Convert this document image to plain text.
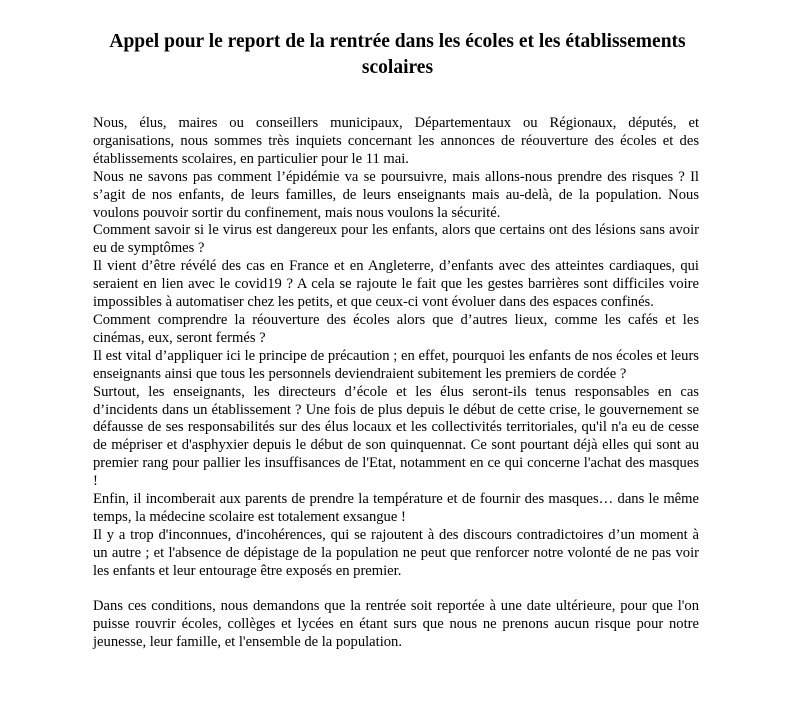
Appel pour le report de la rentrée dans les écoles et les établissements scolaires

Nous, élus, maires ou conseillers municipaux, Départementaux ou Régionaux, députés, et organisations, nous sommes très inquiets concernant les annonces de réouverture des écoles et des établissements scolaires, en particulier pour le 11 mai.

Nous ne savons pas comment l’épidémie va se poursuivre, mais allons-nous prendre des risques ? Il s’agit de nos enfants, de leurs familles, de leurs enseignants mais au-delà, de la population. Nous voulons pouvoir sortir du confinement, mais nous voulons la sécurité.

Comment savoir si le virus est dangereux pour les enfants, alors que certains ont des lésions sans avoir eu de symptômes ?

Il vient d’être révélé des cas en France et en Angleterre, d’enfants avec des atteintes cardiaques, qui seraient en lien avec le covid19 ? A cela se rajoute le fait que les gestes barrières sont difficiles voire impossibles à automatiser chez les petits, et que ceux-ci vont évoluer dans des espaces confinés.

Comment comprendre la réouverture des écoles alors que d’autres lieux, comme les cafés et les cinémas, eux, seront fermés ?

Il est vital d’appliquer ici le principe de précaution ; en effet, pourquoi les enfants de nos écoles et leurs enseignants ainsi que tous les personnels deviendraient subitement les premiers de cordée ?

Surtout, les enseignants, les directeurs d’école et les élus seront-ils tenus responsables en cas d’incidents dans un établissement ? Une fois de plus depuis le début de cette crise, le gouvernement se défausse de ses responsabilités sur des élus locaux et les collectivités territoriales, qu'il n'a eu de cesse de mépriser et d'asphyxier depuis le début de son quinquennat. Ce sont pourtant déjà elles qui sont au premier rang pour pallier les insuffisances de l'Etat, notamment en ce qui concerne l'achat des masques !

Enfin, il incomberait aux parents de prendre la température et de fournir des masques… dans le même temps, la médecine scolaire est totalement exsangue !

Il y a trop d'inconnues, d'incohérences, qui se rajoutent à des discours contradictoires d’un moment à un autre ; et l'absence de dépistage de la population ne peut que renforcer notre volonté de ne pas voir les enfants et leur entourage être exposés en premier.

Dans ces conditions, nous demandons que la rentrée soit reportée à une date ultérieure, pour que l'on puisse rouvrir écoles, collèges et lycées en étant surs que nous ne prenons aucun risque pour notre jeunesse, leur famille, et l'ensemble de la population.
